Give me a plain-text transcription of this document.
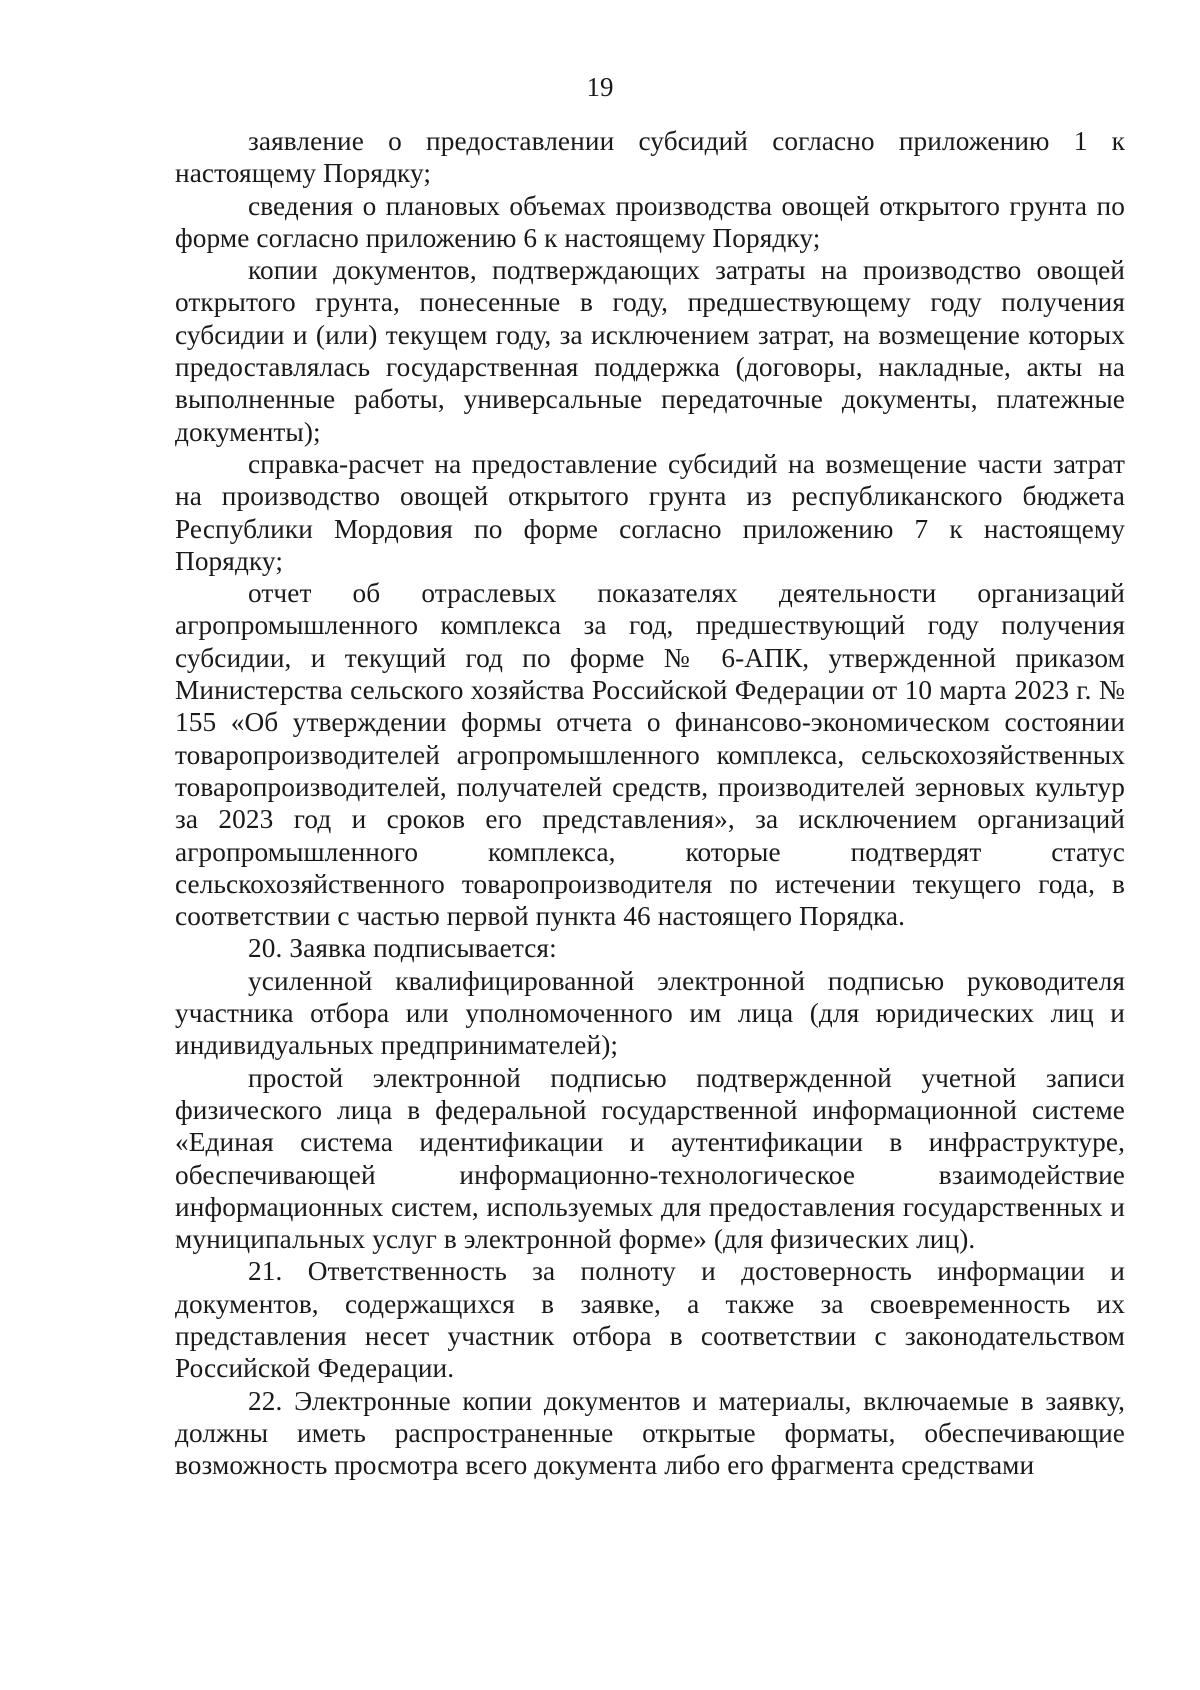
19

заявление о предоставлении субсидий согласно приложению 1 к настоящему Порядку;

сведения о плановых объемах производства овощей открытого грунта по форме согласно приложению 6 к настоящему Порядку;

копии документов, подтверждающих затраты на производство овощей открытого грунта, понесенные в году, предшествующему году получения субсидии и (или) текущем году, за исключением затрат, на возмещение которых предоставлялась государственная поддержка (договоры, накладные, акты на выполненные работы, универсальные передаточные документы, платежные документы);

справка-расчет на предоставление субсидий на возмещение части затрат на производство овощей открытого грунта из республиканского бюджета Республики Мордовия по форме согласно приложению 7 к настоящему Порядку;

отчет об отраслевых показателях деятельности организаций агропромышленного комплекса за год, предшествующий году получения субсидии, и текущий год по форме № 6-АПК, утвержденной приказом Министерства сельского хозяйства Российской Федерации от 10 марта 2023 г. № 155 «Об утверждении формы отчета о финансово-экономическом состоянии товаропроизводителей агропромышленного комплекса, сельскохозяйственных товаропроизводителей, получателей средств, производителей зерновых культур за 2023 год и сроков его представления», за исключением организаций агропромышленного комплекса, которые подтвердят статус сельскохозяйственного товаропроизводителя по истечении текущего года, в соответствии с частью первой пункта 46 настоящего Порядка.

20. Заявка подписывается:

усиленной квалифицированной электронной подписью руководителя участника отбора или уполномоченного им лица (для юридических лиц и индивидуальных предпринимателей);

простой электронной подписью подтвержденной учетной записи физического лица в федеральной государственной информационной системе «Единая система идентификации и аутентификации в инфраструктуре, обеспечивающей информационно-технологическое взаимодействие информационных систем, используемых для предоставления государственных и муниципальных услуг в электронной форме» (для физических лиц).

21. Ответственность за полноту и достоверность информации и документов, содержащихся в заявке, а также за своевременность их представления несет участник отбора в соответствии с законодательством Российской Федерации.

22. Электронные копии документов и материалы, включаемые в заявку, должны иметь распространенные открытые форматы, обеспечивающие возможность просмотра всего документа либо его фрагмента средствами
